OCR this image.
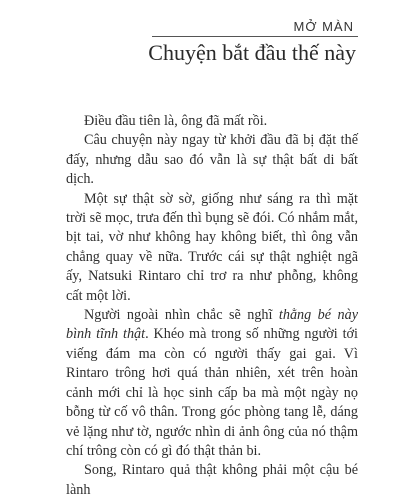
MỞ MÀN
Chuyện bắt đầu thế này

Điều đầu tiên là, ông đã mất rồi.

Câu chuyện này ngay từ khởi đầu đã bị đặt thế đấy, nhưng dẫu sao đó vẫn là sự thật bất di bất dịch.

Một sự thật sờ sờ, giống như sáng ra thì mặt trời sẽ mọc, trưa đến thì bụng sẽ đói. Có nhắm mắt, bịt tai, vờ như không hay không biết, thì ông vẫn chẳng quay về nữa. Trước cái sự thật nghiệt ngã ấy, Natsuki Rintaro chỉ trơ ra như phỗng, không cất một lời.

Người ngoài nhìn chắc sẽ nghĩ thằng bé này bình tĩnh thật. Khéo mà trong số những người tới viếng đám ma còn có người thấy gai gai. Vì Rintaro trông hơi quá thản nhiên, xét trên hoàn cảnh mới chỉ là học sinh cấp ba mà một ngày nọ bỗng từ cố vô thân. Trong góc phòng tang lễ, dáng vẻ lặng như tờ, ngước nhìn di ảnh ông của nó thậm chí trông còn có gì đó thật thản bi.

Song, Rintaro quả thật không phải một cậu bé lành
